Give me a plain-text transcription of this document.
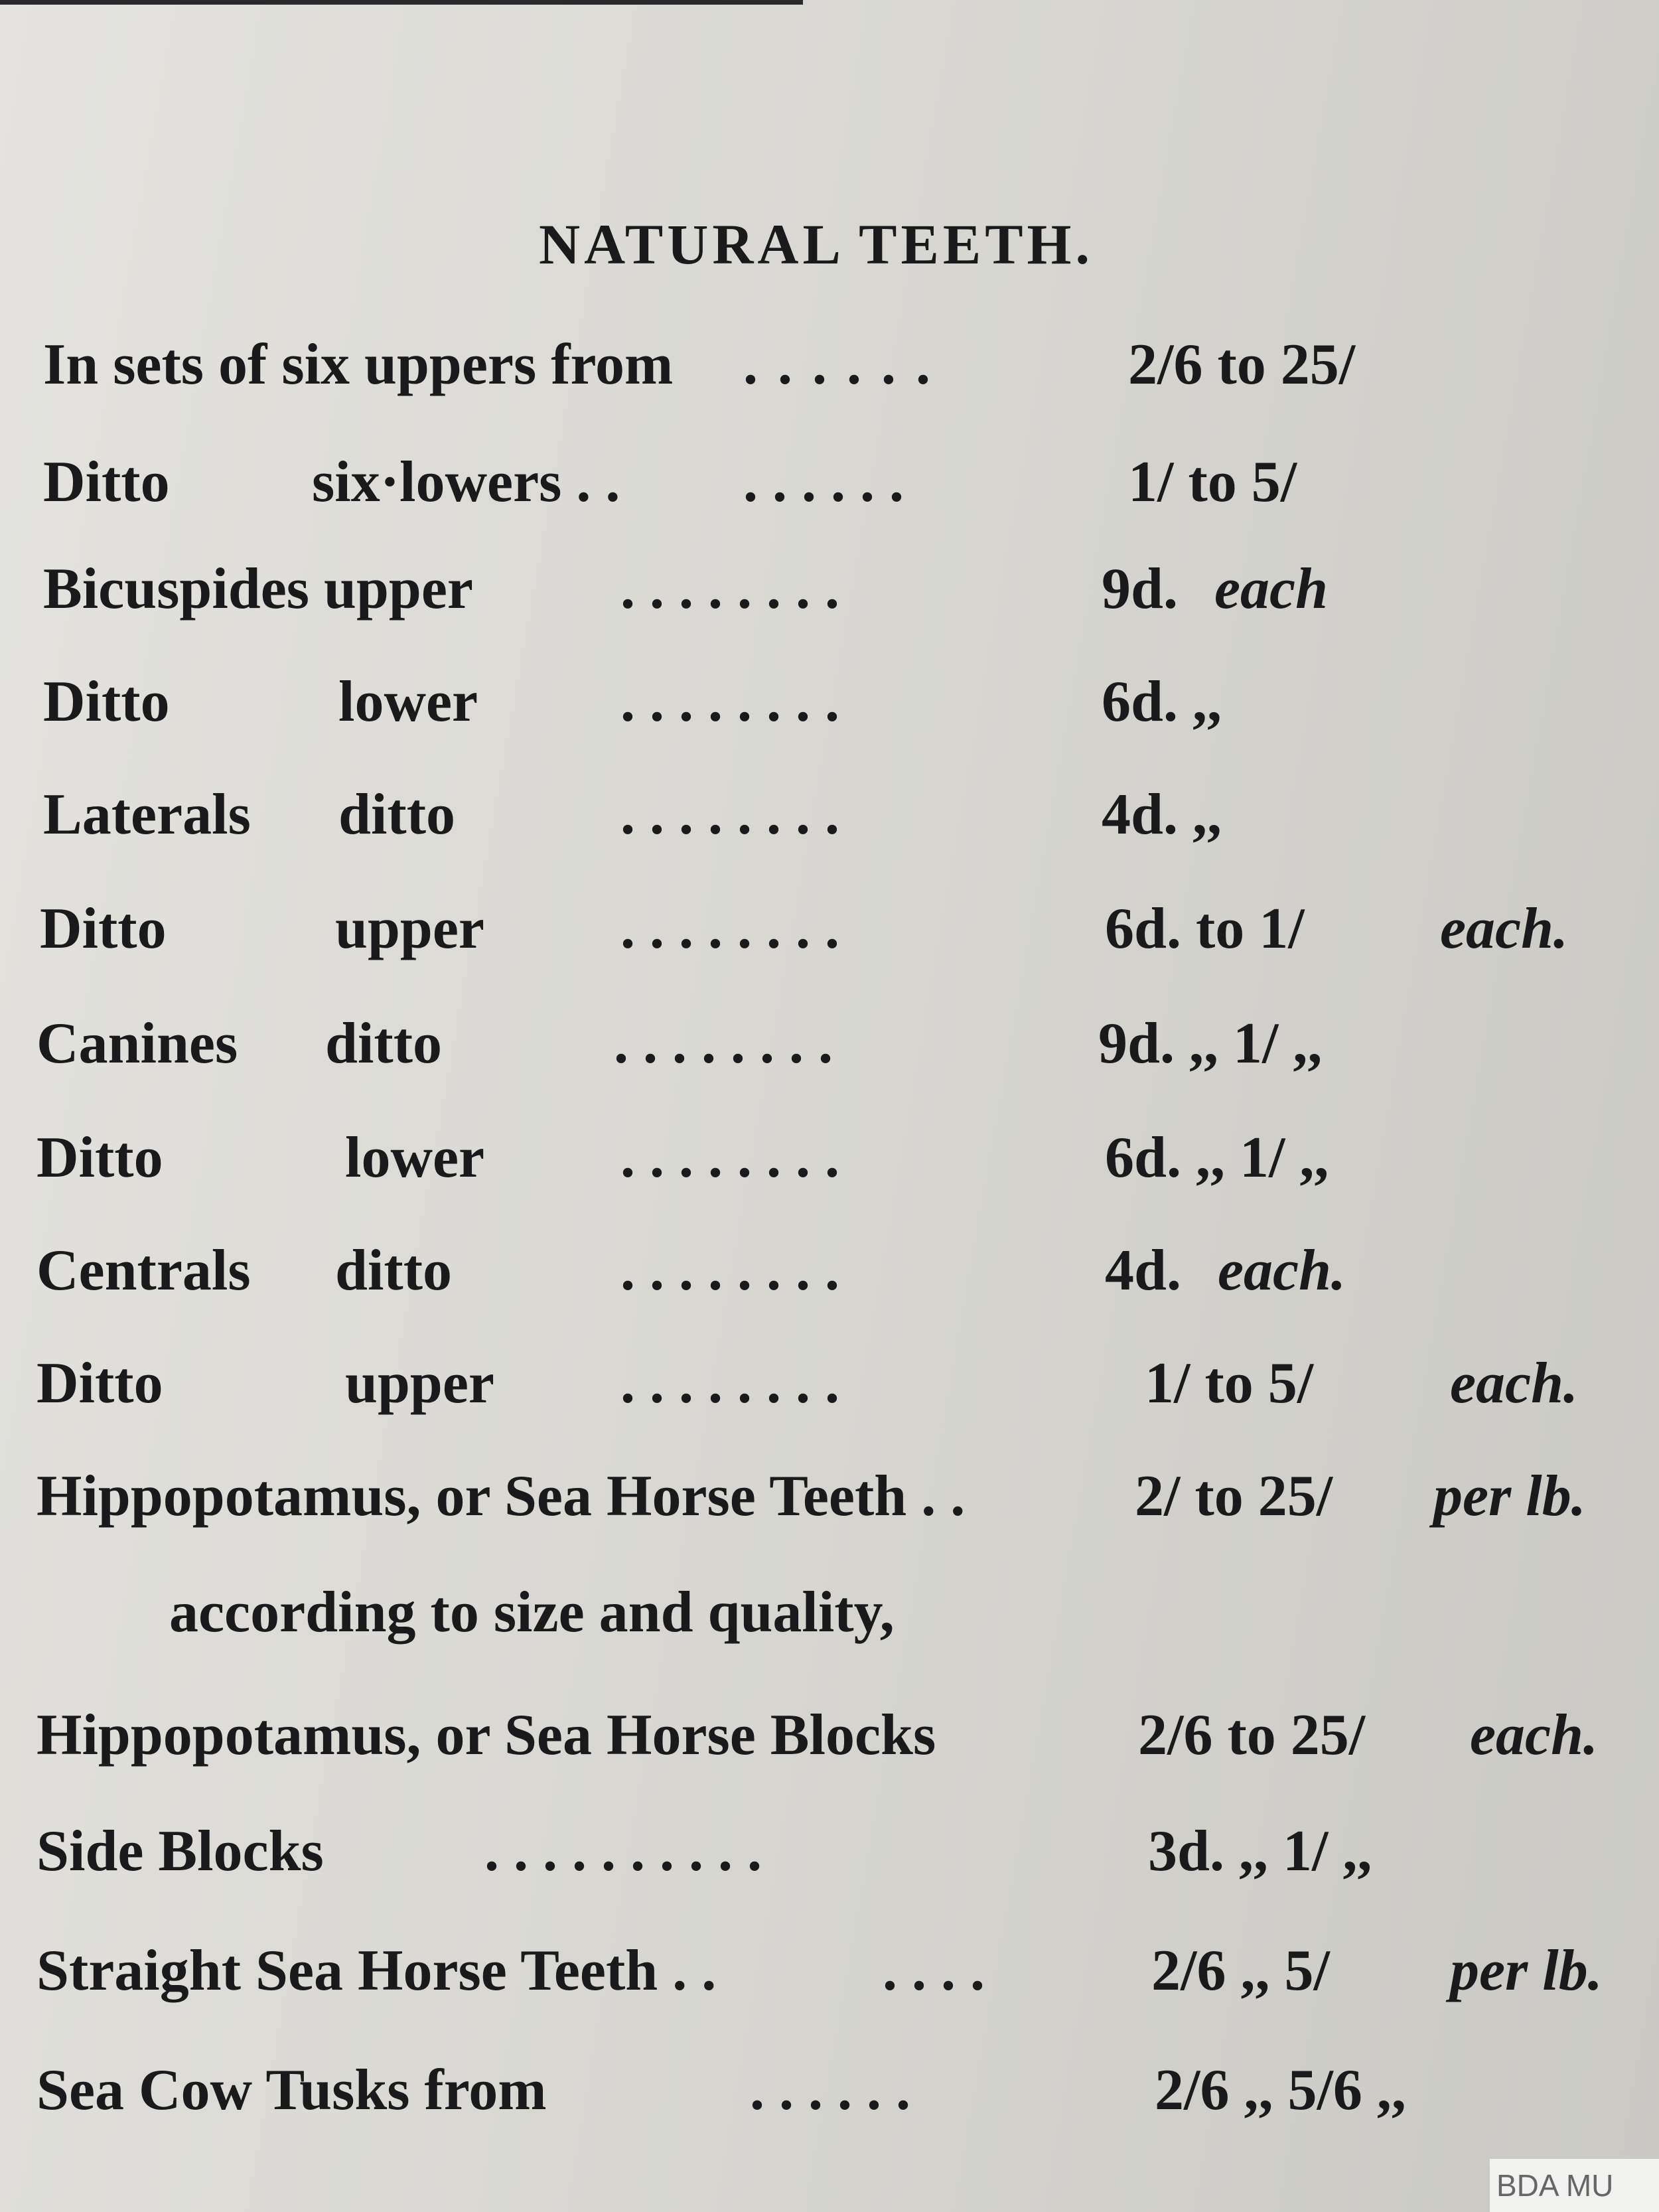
NATURAL TEETH.
In sets of six uppers from . . . . . .	2/6 to 25/
Ditto six·lowers . . . . . . . .	1/ to 5/
Bicuspides upper	. . . . . . . .	9d. each
Ditto	lower . . . . . . . .	6d. ,,
Laterals ditto	. . . . . . . .	4d. ,,
Ditto	upper . . . . . . . .	6d. to 1/ each.
Canines ditto	. . . . . . . .	9d. ,, 1/ ,,
Ditto	lower . . . . . . . .	6d. ,, 1/ ,,
Centrals ditto	. . . . . . . .	4d. each.
Ditto	upper . . . . . . . .	1/ to 5/ each.
Hippopotamus, or Sea Horse Teeth . .	2/ to 25/ per lb.
according to size and quality,
Hippopotamus, or Sea Horse Blocks	2/6 to 25/ each.
Side Blocks	. . . . . . . . . .	3d. ,, 1/ ,,
Straight Sea Horse Teeth . .	. . . .	2/6 ,, 5/ per lb.
Sea Cow Tusks from	. . . . . .	2/6 ,, 5/6 ,,
BDA MU
